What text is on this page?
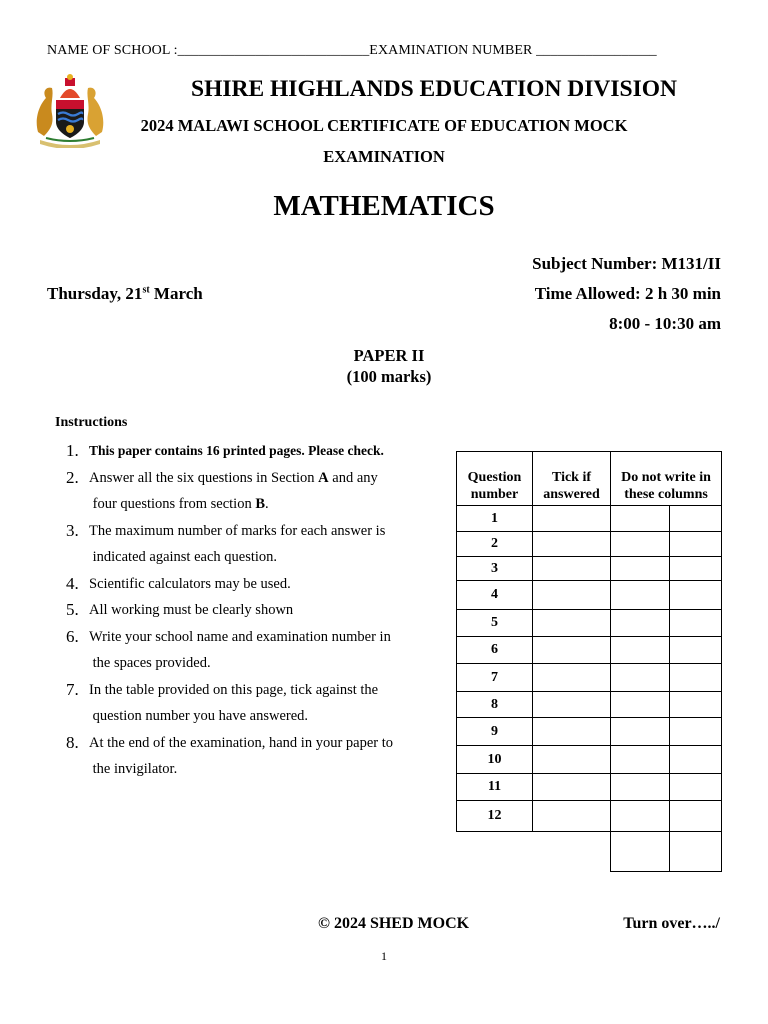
NAME OF SCHOOL :___________________________EXAMINATION NUMBER _________________
SHIRE HIGHLANDS EDUCATION DIVISION
2024 MALAWI SCHOOL CERTIFICATE OF EDUCATION MOCK
EXAMINATION
MATHEMATICS
Subject Number: M131/II
Thursday, 21st March	Time Allowed: 2 h 30 min
8:00 - 10:30 am
PAPER II
(100 marks)
Instructions
1. This paper contains 16 printed pages. Please check.
2. Answer all the six questions in Section A and any
four questions from section B.
3. The maximum number of marks for each answer is
indicated against each question.
4. Scientific calculators may be used.
5. All working must be clearly shown
6. Write your school name and examination number in
the spaces provided.
7. In the table provided on this page, tick against the
question number you have answered.
8. At the end of the examination, hand in your paper to
the invigilator.
Question number	Tick if answered	Do not write in these columns	
1			
2			
3			
4			
5			
6			
7			
8			
9			
10			
11			
12			

© 2024 SHED MOCK	Turn over…../
1
